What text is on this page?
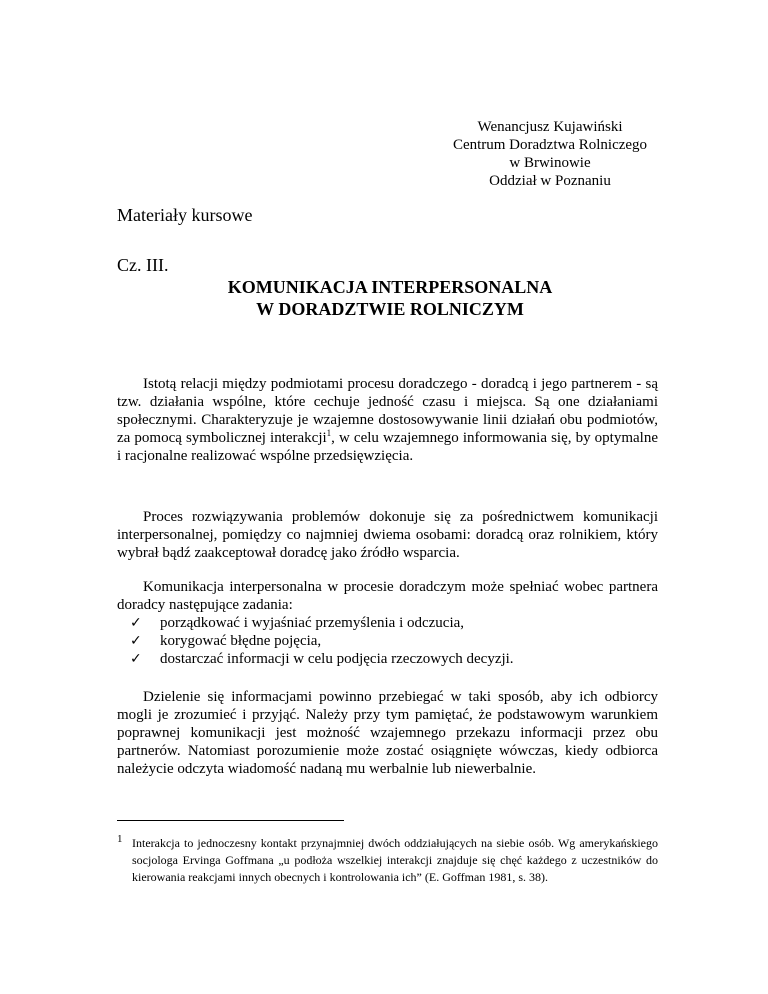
Wenancjusz Kujawiński
Centrum Doradztwa Rolniczego
w Brwinowie
Oddział w Poznaniu
Materiały kursowe
Cz. III.
KOMUNIKACJA INTERPERSONALNA
W DORADZTWIE ROLNICZYM

Istotą relacji między podmiotami procesu doradczego - doradcą i jego partnerem - są tzw. działania wspólne, które cechuje jedność czasu i miejsca. Są one działaniami społecznymi. Charakteryzuje je wzajemne dostosowywanie linii działań obu podmiotów, za pomocą symbolicznej interakcji$^1$, w celu wzajemnego informowania się, by optymalne i racjonalne realizować wspólne przedsięwzięcia.

Proces rozwiązywania problemów dokonuje się za pośrednictwem komunikacji interpersonalnej, pomiędzy co najmniej dwiema osobami: doradcą oraz rolnikiem, który wybrał bądź zaakceptował doradcę jako źródło wsparcia.

Komunikacja interpersonalna w procesie doradczym może spełniać wobec partnera doradcy następujące zadania:

✓ porządkować i wyjaśniać przemyślenia i odczucia,
✓ korygować błędne pojęcia,
✓ dostarczać informacji w celu podjęcia rzeczowych decyzji.

Dzielenie się informacjami powinno przebiegać w taki sposób, aby ich odbiorcy mogli je zrozumieć i przyjąć. Należy przy tym pamiętać, że podstawowym warunkiem poprawnej komunikacji jest możność wzajemnego przekazu informacji przez obu partnerów. Natomiast porozumienie może zostać osiągnięte wówczas, kiedy odbiorca należycie odczyta wiadomość nadaną mu werbalnie lub niewerbalnie.

1 Interakcja to jednoczesny kontakt przynajmniej dwóch oddziałujących na siebie osób. Wg amerykańskiego socjologa Ervinga Goffmana „u podłoża wszelkiej interakcji znajduje się chęć każdego z uczestników do kierowania reakcjami innych obecnych i kontrolowania ich” (E. Goffman 1981, s. 38).
